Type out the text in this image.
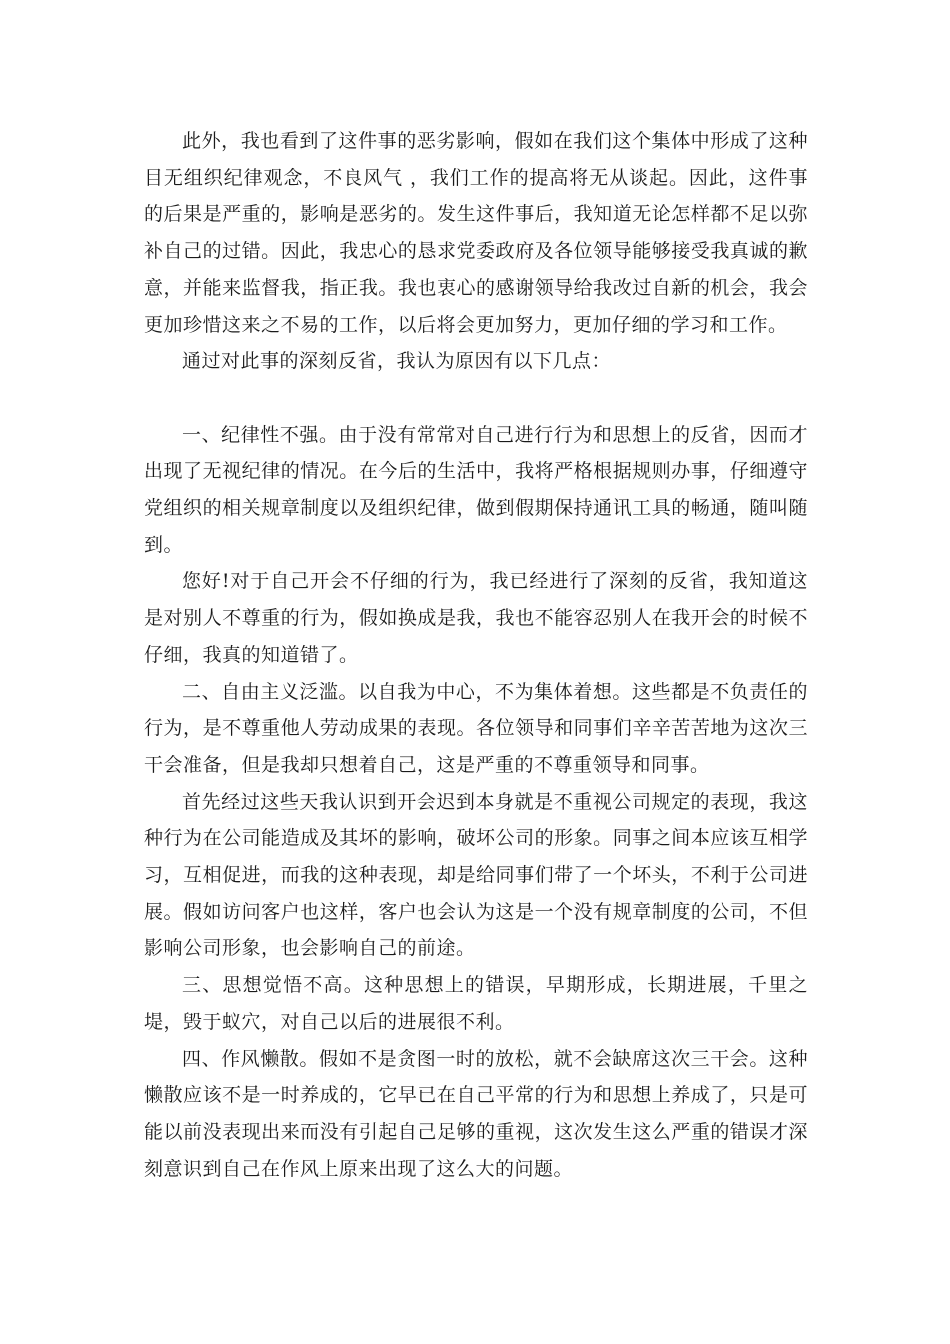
此外，我也看到了这件事的恶劣影响，假如在我们这个集体中形成了这种目无组织纪律观念，不良风气 ，我们工作的提高将无从谈起。因此，这件事的后果是严重的，影响是恶劣的。发生这件事后，我知道无论怎样都不足以弥补自己的过错。因此，我忠心的恳求党委政府及各位领导能够接受我真诚的歉意，并能来监督我，指正我。我也衷心的感谢领导给我改过自新的机会，我会更加珍惜这来之不易的工作，以后将会更加努力，更加仔细的学习和工作。

通过对此事的深刻反省，我认为原因有以下几点：

一、纪律性不强。由于没有常常对自己进行行为和思想上的反省，因而才出现了无视纪律的情况。在今后的生活中，我将严格根据规则办事，仔细遵守党组织的相关规章制度以及组织纪律，做到假期保持通讯工具的畅通，随叫随到。

您好!对于自己开会不仔细的行为，我已经进行了深刻的反省，我知道这是对别人不尊重的行为，假如换成是我，我也不能容忍别人在我开会的时候不仔细，我真的知道错了。

二、自由主义泛滥。以自我为中心，不为集体着想。这些都是不负责任的行为，是不尊重他人劳动成果的表现。各位领导和同事们辛辛苦苦地为这次三干会准备，但是我却只想着自己，这是严重的不尊重领导和同事。

首先经过这些天我认识到开会迟到本身就是不重视公司规定的表现，我这种行为在公司能造成及其坏的影响，破坏公司的形象。同事之间本应该互相学习，互相促进，而我的这种表现，却是给同事们带了一个坏头，不利于公司进展。假如访问客户也这样，客户也会认为这是一个没有规章制度的公司，不但影响公司形象，也会影响自己的前途。

三、思想觉悟不高。这种思想上的错误，早期形成，长期进展，千里之堤，毁于蚁穴，对自己以后的进展很不利。

四、作风懒散。假如不是贪图一时的放松，就不会缺席这次三干会。这种懒散应该不是一时养成的，它早已在自己平常的行为和思想上养成了，只是可能以前没表现出来而没有引起自己足够的重视，这次发生这么严重的错误才深刻意识到自己在作风上原来出现了这么大的问题。
